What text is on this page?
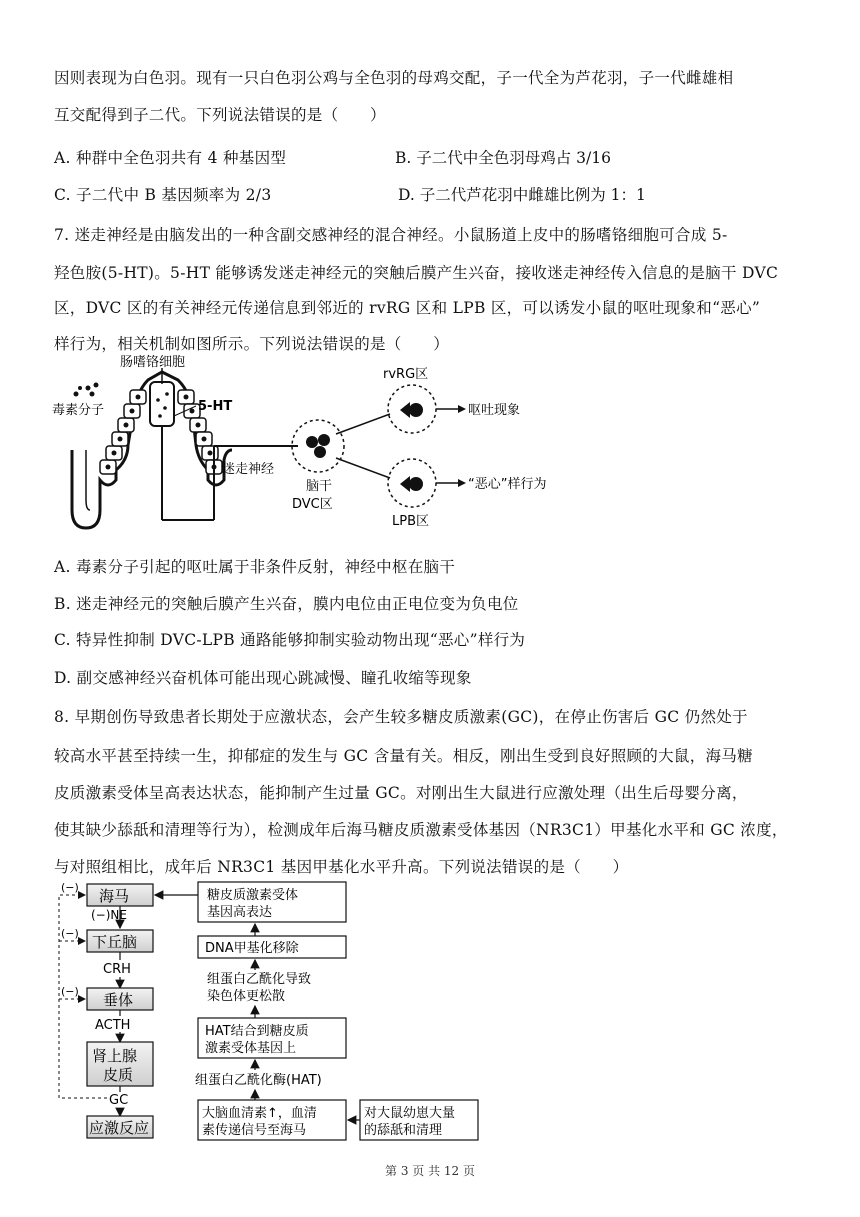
因则表现为白色羽。现有一只白色羽公鸡与全色羽的母鸡交配，子一代全为芦花羽，子一代雌雄相
互交配得到子二代。下列说法错误的是（　　）
A. 种群中全色羽共有 4 种基因型	B. 子二代中全色羽母鸡占 3/16
C. 子二代中 B 基因频率为 2/3	D. 子二代芦花羽中雌雄比例为 1：1
7. 迷走神经是由脑发出的一种含副交感神经的混合神经。小鼠肠道上皮中的肠嗜铬细胞可合成 5-
羟色胺(5-HT)。5-HT 能够诱发迷走神经元的突触后膜产生兴奋，接收迷走神经传入信息的是脑干 DVC
区，DVC 区的有关神经元传递信息到邻近的 rvRG 区和 LPB 区，可以诱发小鼠的呕吐现象和“恶心”
样行为，相关机制如图所示。下列说法错误的是（　　）
肠嗜铬细胞
毒素分子	5-HT
迷走神经
脑干
DVC区
rvRG区
呕吐现象
LPB区
“恶心”样行为
A. 毒素分子引起的呕吐属于非条件反射，神经中枢在脑干
B. 迷走神经元的突触后膜产生兴奋，膜内电位由正电位变为负电位
C. 特异性抑制 DVC-LPB 通路能够抑制实验动物出现“恶心”样行为
D. 副交感神经兴奋机体可能出现心跳减慢、瞳孔收缩等现象
8. 早期创伤导致患者长期处于应激状态，会产生较多糖皮质激素(GC)，在停止伤害后 GC 仍然处于
较高水平甚至持续一生，抑郁症的发生与 GC 含量有关。相反，刚出生受到良好照顾的大鼠，海马糖
皮质激素受体呈高表达状态，能抑制产生过量 GC。对刚出生大鼠进行应激处理（出生后母婴分离，
使其缺少舔舐和清理等行为），检测成年后海马糖皮质激素受体基因（NR3C1）甲基化水平和 GC 浓度，
与对照组相比，成年后 NR3C1 基因甲基化水平升高。下列说法错误的是（　　）
海马
(−)NE
下丘脑
CRH
垂体
ACTH
肾上腺
皮质
GC
应激反应
(−)
(−)
(−)
糖皮质激素受体
基因高表达
DNA甲基化移除
组蛋白乙酰化导致
染色体更松散
HAT结合到糖皮质
激素受体基因上
组蛋白乙酰化酶(HAT)
大脑血清素↑，血清
素传递信号至海马
对大鼠幼崽大量
的舔舐和清理
第 3 页 共 12 页
